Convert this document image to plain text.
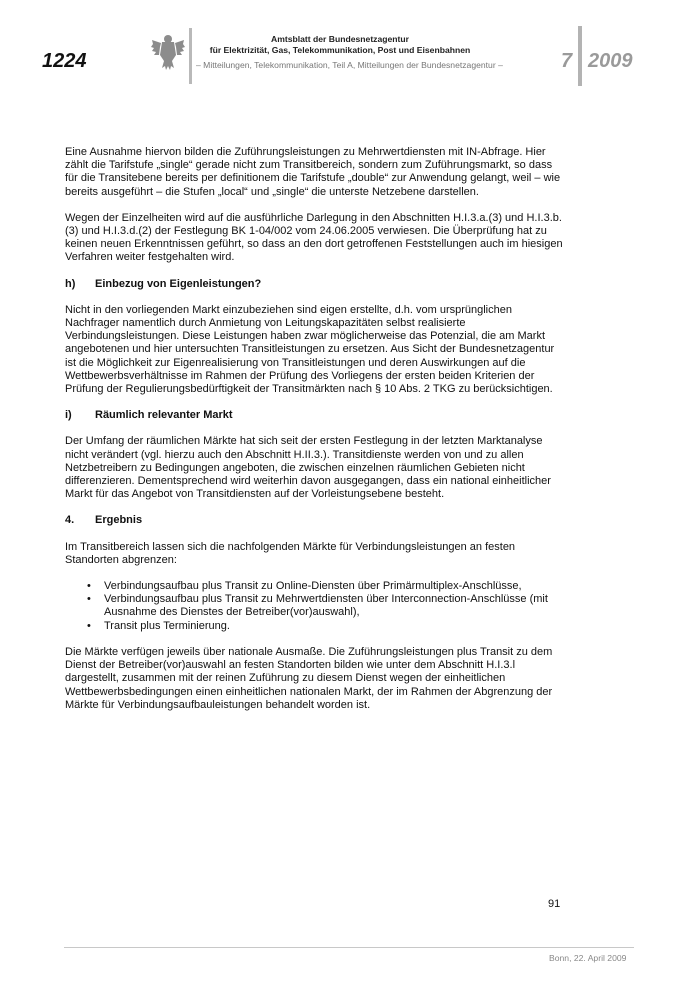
1224
Amtsblatt der Bundesnetzagentur
für Elektrizität, Gas, Telekommunikation, Post und Eisenbahnen
– Mitteilungen, Telekommunikation, Teil A, Mitteilungen der Bundesnetzagentur –	7 2009

Eine Ausnahme hiervon bilden die Zuführungsleistungen zu Mehrwertdiensten mit IN-Abfrage. Hier zählt die Tarifstufe „single“ gerade nicht zum Transitbereich, sondern zum Zuführungsmarkt, so dass für die Transitebene bereits per definitionem die Tarifstufe „double“ zur Anwendung gelangt, weil – wie bereits ausgeführt – die Stufen „local“ und „single“ die unterste Netzebene darstellen.

Wegen der Einzelheiten wird auf die ausführliche Darlegung in den Abschnitten H.I.3.a.(3) und H.I.3.b.(3) und H.I.3.d.(2) der Festlegung BK 1-04/002 vom 24.06.2005 verwiesen. Die Überprüfung hat zu keinen neuen Erkenntnissen geführt, so dass an den dort getroffenen Feststellungen auch im hiesigen Verfahren weiter festgehalten wird.

h)	Einbezug von Eigenleistungen?

Nicht in den vorliegenden Markt einzubeziehen sind eigen erstellte, d.h. vom ursprünglichen Nachfrager namentlich durch Anmietung von Leitungskapazitäten selbst realisierte Verbindungsleistungen. Diese Leistungen haben zwar möglicherweise das Potenzial, die am Markt angebotenen und hier untersuchten Transitleistungen zu ersetzen. Aus Sicht der Bundesnetzagentur ist die Möglichkeit zur Eigenrealisierung von Transitleistungen und deren Auswirkungen auf die Wettbewerbsverhältnisse im Rahmen der Prüfung des Vorliegens der ersten beiden Kriterien der Prüfung der Regulierungsbedürftigkeit der Transitmärkten nach § 10 Abs. 2 TKG zu berücksichtigen.

i)	Räumlich relevanter Markt

Der Umfang der räumlichen Märkte hat sich seit der ersten Festlegung in der letzten Marktanalyse nicht verändert (vgl. hierzu auch den Abschnitt H.II.3.). Transitdienste werden von und zu allen Netzbetreibern zu Bedingungen angeboten, die zwischen einzelnen räumlichen Gebieten nicht differenzieren. Dementsprechend wird weiterhin davon ausgegangen, dass ein national einheitlicher Markt für das Angebot von Transitdiensten auf der Vorleistungsebene besteht.

4.	Ergebnis

Im Transitbereich lassen sich die nachfolgenden Märkte für Verbindungsleistungen an festen Standorten abgrenzen:

• Verbindungsaufbau plus Transit zu Online-Diensten über Primärmultiplex-Anschlüsse,
• Verbindungsaufbau plus Transit zu Mehrwertdiensten über Interconnection-Anschlüsse (mit Ausnahme des Dienstes der Betreiber(vor)auswahl),
• Transit plus Terminierung.

Die Märkte verfügen jeweils über nationale Ausmaße. Die Zuführungsleistungen plus Transit zu dem Dienst der Betreiber(vor)auswahl an festen Standorten bilden wie unter dem Abschnitt H.I.3.l dargestellt, zusammen mit der reinen Zuführung zu diesem Dienst wegen der einheitlichen Wettbewerbsbedingungen einen einheitlichen nationalen Markt, der im Rahmen der Abgrenzung der Märkte für Verbindungsaufbauleistungen behandelt worden ist.

91
Bonn, 22. April 2009
